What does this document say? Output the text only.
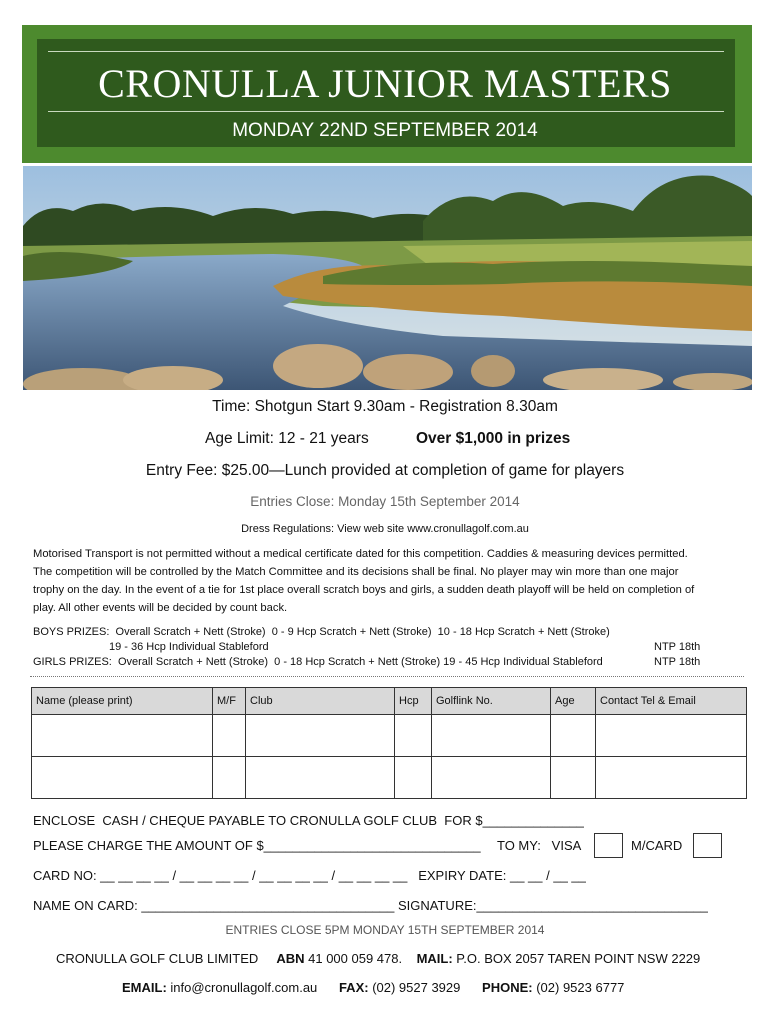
CRONULLA JUNIOR MASTERS
MONDAY 22ND SEPTEMBER 2014
Time: Shotgun Start 9.30am - Registration 8.30am
Age Limit: 12 - 21 years	Over $1,000 in prizes
Entry Fee: $25.00—Lunch provided at completion of game for players
Entries Close: Monday 15th September 2014
Dress Regulations: View web site www.cronullagolf.com.au
Motorised Transport is not permitted without a medical certificate dated for this competition. Caddies & measuring devices permitted.
The competition will be controlled by the Match Committee and its decisions shall be final. No player may win more than one major
trophy on the day. In the event of a tie for 1st place overall scratch boys and girls, a sudden death playoff will be held on completion of
play. All other events will be decided by count back.
BOYS PRIZES:  Overall Scratch + Nett (Stroke)  0 - 9 Hcp Scratch + Nett (Stroke)  10 - 18 Hcp Scratch + Nett (Stroke)
19 - 36 Hcp Individual Stableford	NTP 18th
GIRLS PRIZES:  Overall Scratch + Nett (Stroke)  0 - 18 Hcp Scratch + Nett (Stroke) 19 - 45 Hcp Individual Stableford	NTP 18th
Name (please print)	M/F	Club	Hcp	Golflink No.	Age	Contact Tel & Email

ENCLOSE  CASH / CHEQUE PAYABLE TO CRONULLA GOLF CLUB  FOR $______________
PLEASE CHARGE THE AMOUNT OF $______________________________ TO MY:   VISA	M/CARD
CARD NO: __ __ __ __ / __ __ __ __ / __ __ __ __ / __ __ __ __   EXPIRY DATE: __ __ / __ __
NAME ON CARD: ___________________________________ SIGNATURE:________________________________
ENTRIES CLOSE 5PM MONDAY 15TH SEPTEMBER 2014
CRONULLA GOLF CLUB LIMITED ABN 41 000 059 478. MAIL: P.O. BOX 2057 TAREN POINT NSW 2229
EMAIL: info@cronullagolf.com.au FAX: (02) 9527 3929 PHONE: (02) 9523 6777
